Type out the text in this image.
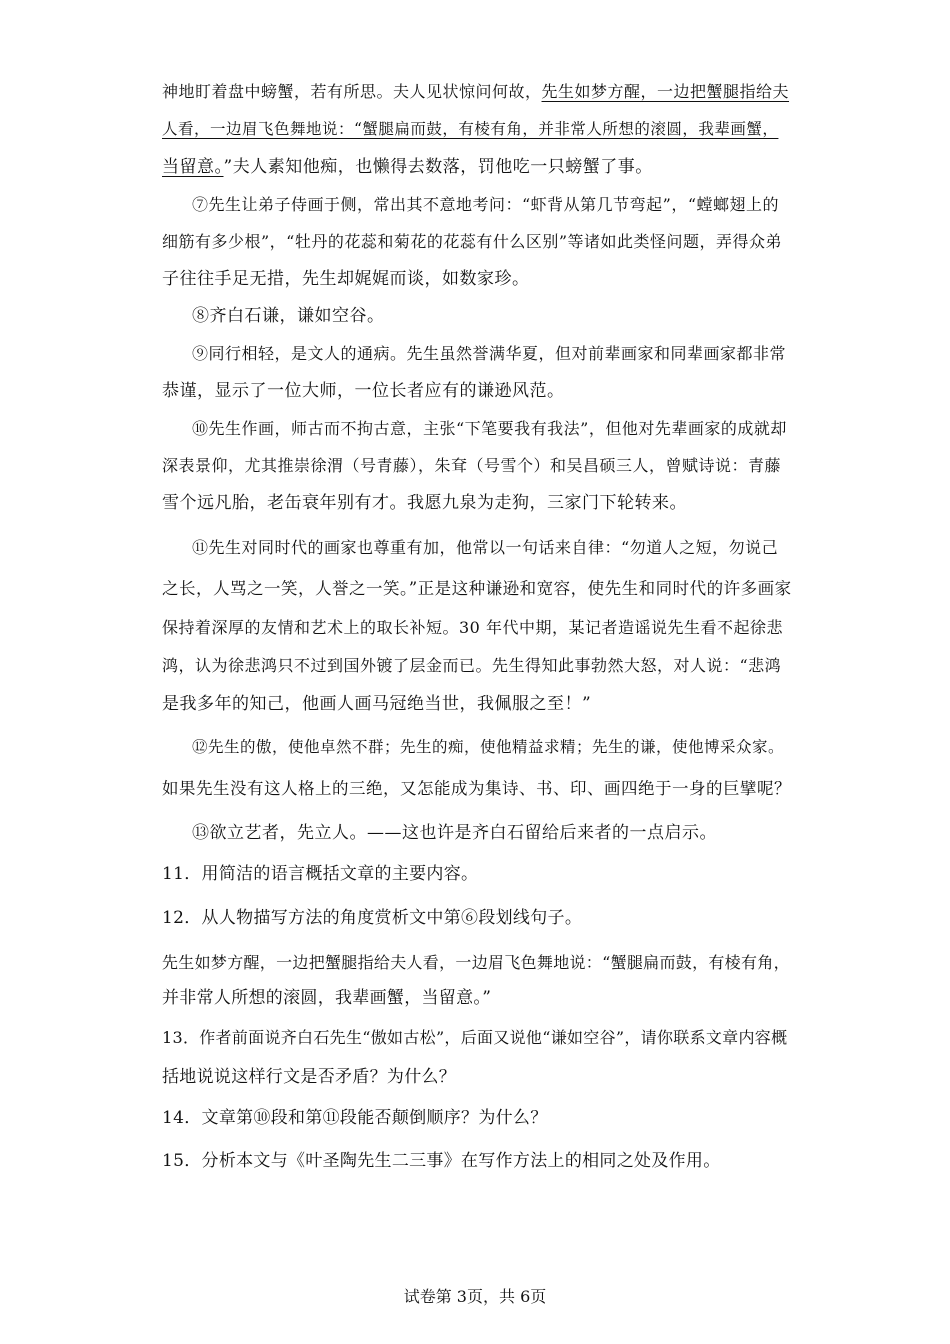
神地盯着盘中螃蟹，若有所思。夫人见状惊问何故，先生如梦方醒，一边把蟹腿指给夫
人看，一边眉飞色舞地说：“蟹腿扁而鼓，有棱有角，并非常人所想的滚圆，我辈画蟹，
当留意。”夫人素知他痴，也懒得去数落，罚他吃一只螃蟹了事。
⑦先生让弟子侍画于侧，常出其不意地考问：“虾背从第几节弯起”，“螳螂翅上的
细筋有多少根”，“牡丹的花蕊和菊花的花蕊有什么区别”等诸如此类怪问题，弄得众弟
子往往手足无措，先生却娓娓而谈，如数家珍。
⑧齐白石谦，谦如空谷。
⑨同行相轻，是文人的通病。先生虽然誉满华夏，但对前辈画家和同辈画家都非常
恭谨，显示了一位大师，一位长者应有的谦逊风范。
⑩先生作画，师古而不拘古意，主张“下笔要我有我法”，但他对先辈画家的成就却
深表景仰，尤其推崇徐渭（号青藤），朱耷（号雪个）和吴昌硕三人，曾赋诗说：青藤
雪个远凡胎，老缶衰年别有才。我愿九泉为走狗，三家门下轮转来。
⑪先生对同时代的画家也尊重有加，他常以一句话来自律：“勿道人之短，勿说己
之长，人骂之一笑，人誉之一笑。”正是这种谦逊和宽容，使先生和同时代的许多画家
保持着深厚的友情和艺术上的取长补短。30 年代中期，某记者造谣说先生看不起徐悲
鸿，认为徐悲鸿只不过到国外镀了层金而已。先生得知此事勃然大怒，对人说：“悲鸿
是我多年的知己，他画人画马冠绝当世，我佩服之至！”
⑫先生的傲，使他卓然不群；先生的痴，使他精益求精；先生的谦，使他博采众家。
如果先生没有这人格上的三绝，又怎能成为集诗、书、印、画四绝于一身的巨擘呢？
⑬欲立艺者，先立人。——这也许是齐白石留给后来者的一点启示。
11．用简洁的语言概括文章的主要内容。
12．从人物描写方法的角度赏析文中第⑥段划线句子。
先生如梦方醒，一边把蟹腿指给夫人看，一边眉飞色舞地说：“蟹腿扁而鼓，有棱有角，
并非常人所想的滚圆，我辈画蟹，当留意。”
13．作者前面说齐白石先生“傲如古松”，后面又说他“谦如空谷”，请你联系文章内容概
括地说说这样行文是否矛盾？为什么？
14．文章第⑩段和第⑪段能否颠倒顺序？为什么？
15．分析本文与《叶圣陶先生二三事》在写作方法上的相同之处及作用。
试卷第 3页，共 6页
